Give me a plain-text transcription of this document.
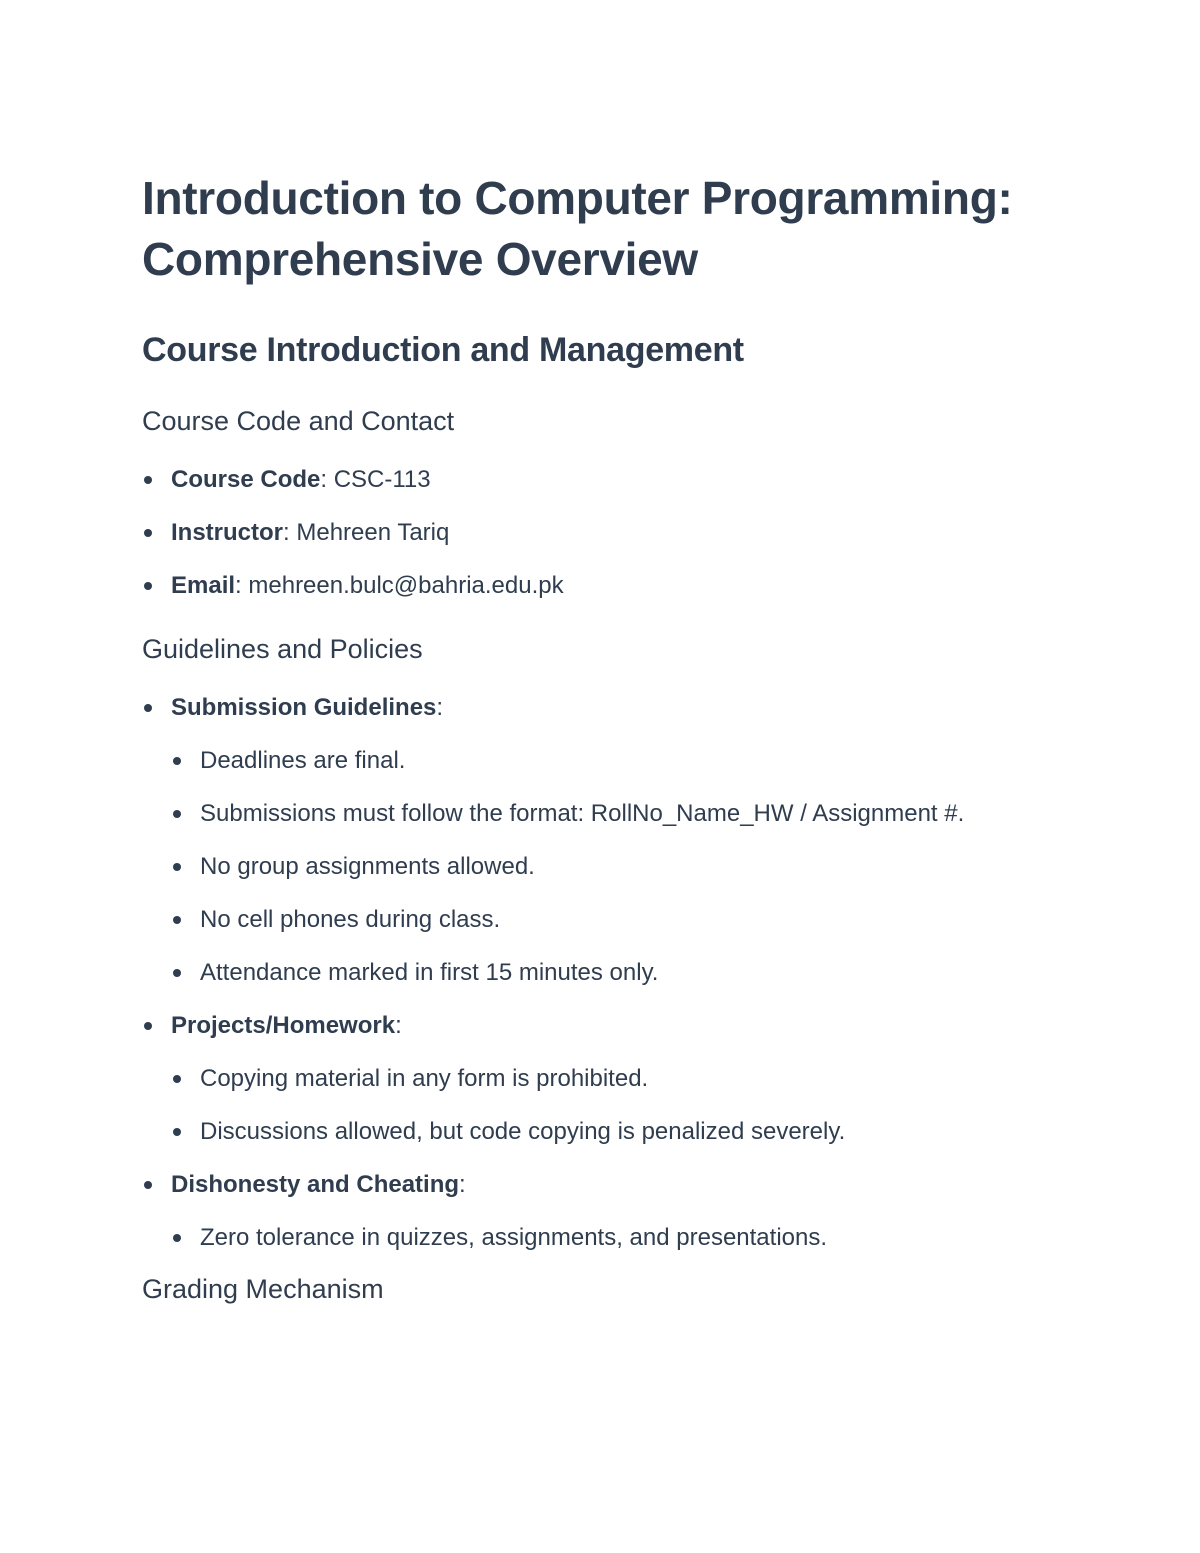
Introduction to Computer Programming: Comprehensive Overview
Course Introduction and Management
Course Code and Contact
Course Code: CSC-113
Instructor: Mehreen Tariq
Email: mehreen.bulc@bahria.edu.pk
Guidelines and Policies
Submission Guidelines:
Deadlines are final.
Submissions must follow the format: RollNo_Name_HW / Assignment #.
No group assignments allowed.
No cell phones during class.
Attendance marked in first 15 minutes only.
Projects/Homework:
Copying material in any form is prohibited.
Discussions allowed, but code copying is penalized severely.
Dishonesty and Cheating:
Zero tolerance in quizzes, assignments, and presentations.
Grading Mechanism
